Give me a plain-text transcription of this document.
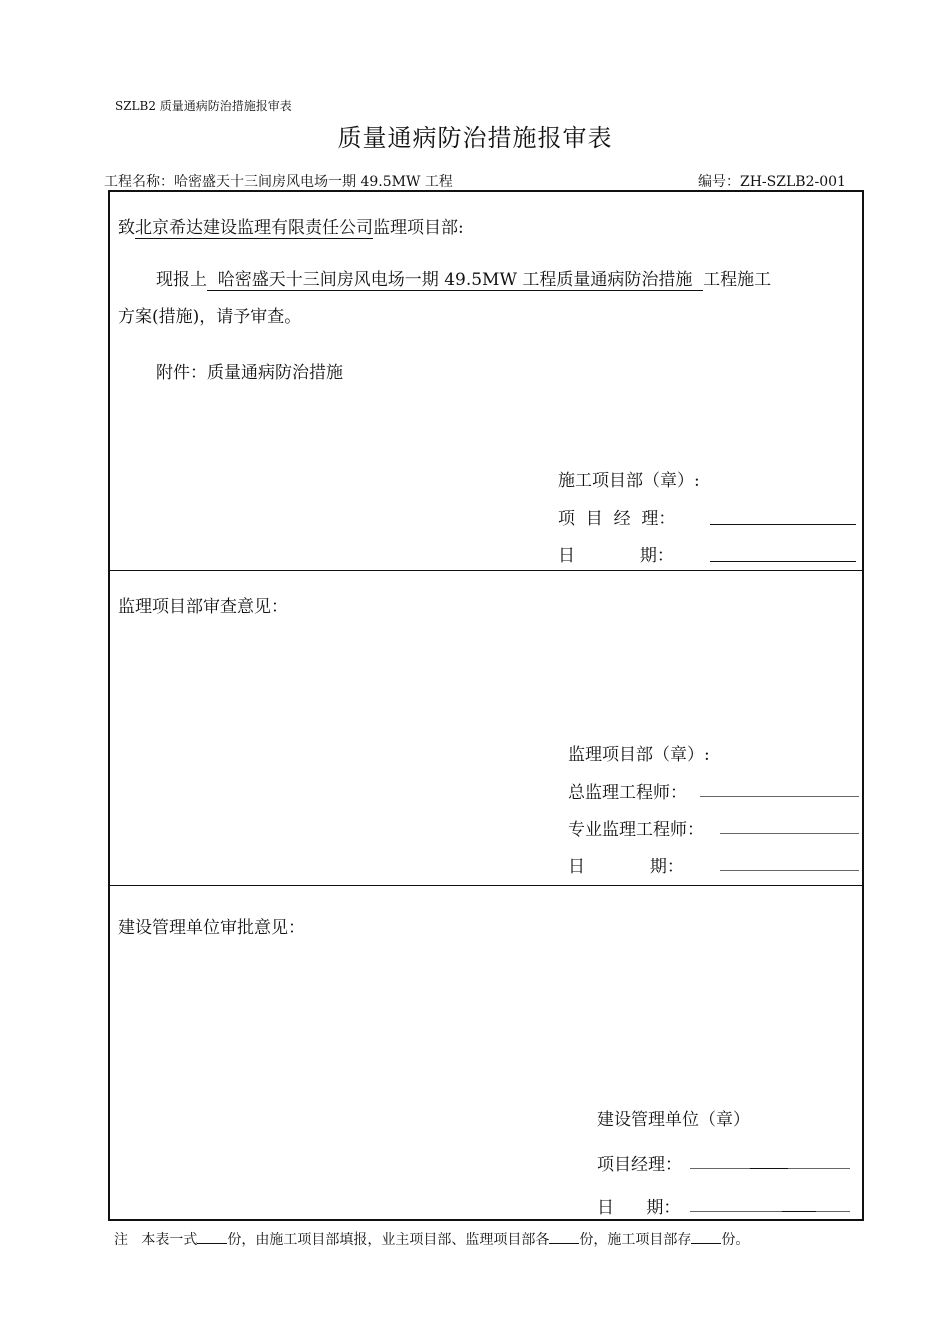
SZLB2 质量通病防治措施报审表
质量通病防治措施报审表
工程名称：哈密盛天十三间房风电场一期 49.5MW 工程	编号：ZH-SZLB2-001
致北京希达建设监理有限责任公司监理项目部:
现报上  哈密盛天十三间房风电场一期 49.5MW 工程质量通病防治措施  工程施工
方案(措施)，请予审查。
附件：质量通病防治措施
施工项目部（章）:
项  目  经  理：
日            期：
监理项目部审查意见：
监理项目部（章）:
总监理工程师：
专业监理工程师：
日            期：
建设管理单位审批意见：
建设管理单位（章）
项目经理：
日      期：
注   本表一式 份，由施工项目部填报，业主项目部、监理项目部各 份，施工项目部存 份。
